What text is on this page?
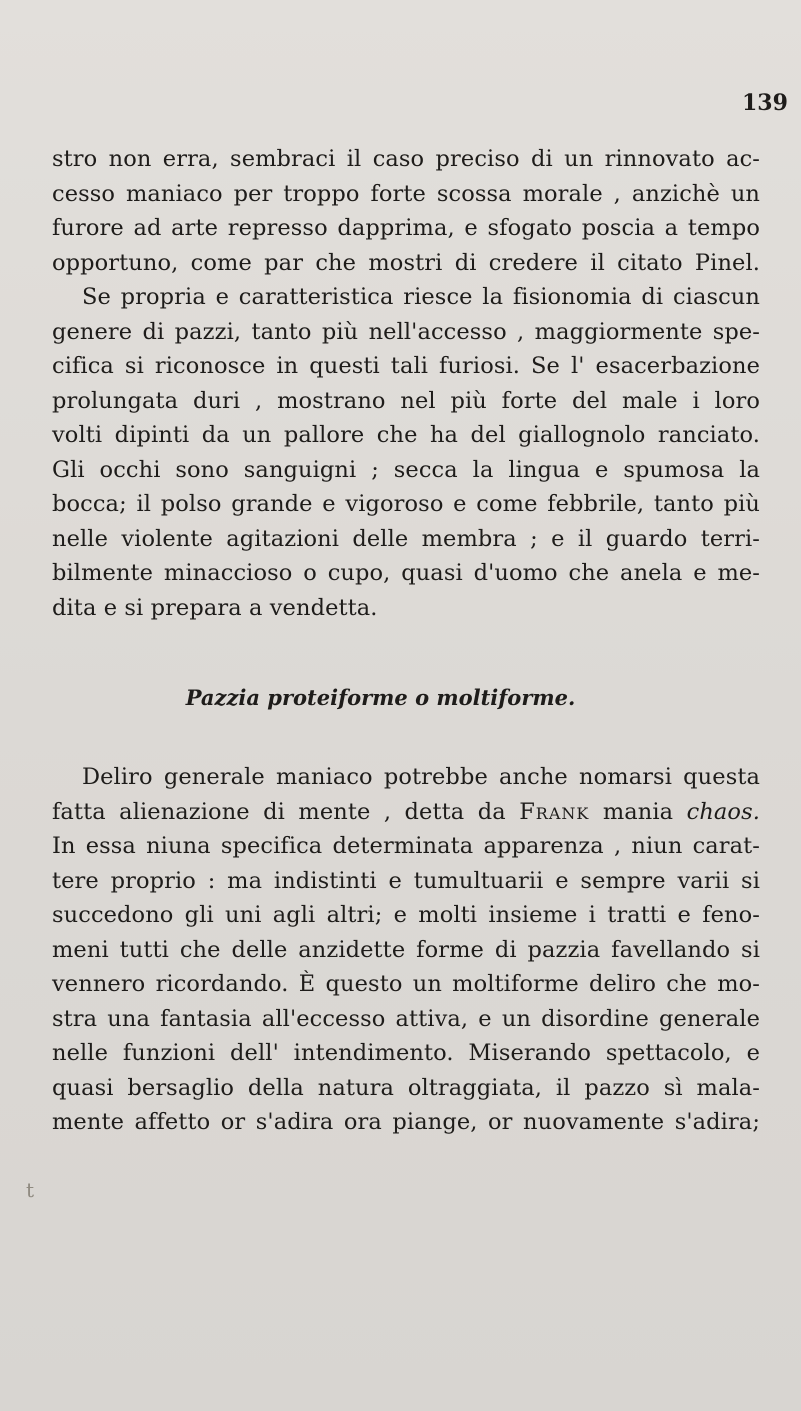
139
stro non erra, sembraci il caso preciso di un rinnovato ac-
cesso maniaco per troppo forte scossa morale , anzichè un
furore ad arte represso dapprima, e sfogato poscia a tempo
opportuno, come par che mostri di credere il citato Pinel.
Se propria e caratteristica riesce la fisionomia di ciascun
genere di pazzi, tanto più nell'accesso , maggiormente spe-
cifica si riconosce in questi tali furiosi. Se l' esacerbazione
prolungata duri , mostrano nel più forte del male i loro
volti dipinti da un pallore che ha del giallognolo ranciato.
Gli occhi sono sanguigni ; secca la lingua e spumosa la
bocca; il polso grande e vigoroso e come febbrile, tanto più
nelle violente agitazioni delle membra ; e il guardo terri-
bilmente minaccioso o cupo, quasi d'uomo che anela e me-
dita e si prepara a vendetta.
Pazzia proteiforme o moltiforme.
Deliro generale maniaco potrebbe anche nomarsi questa
fatta alienazione di mente , detta da Frank mania chaos.
In essa niuna specifica determinata apparenza , niun carat-
tere proprio : ma indistinti e tumultuarii e sempre varii si
succedono gli uni agli altri; e molti insieme i tratti e feno-
meni tutti che delle anzidette forme di pazzia favellando si
vennero ricordando. È questo un moltiforme deliro che mo-
stra una fantasia all'eccesso attiva, e un disordine generale
nelle funzioni dell' intendimento. Miserando spettacolo, e
quasi bersaglio della natura oltraggiata, il pazzo sì mala-
mente affetto or s'adira ora piange, or nuovamente s'adira;
t
